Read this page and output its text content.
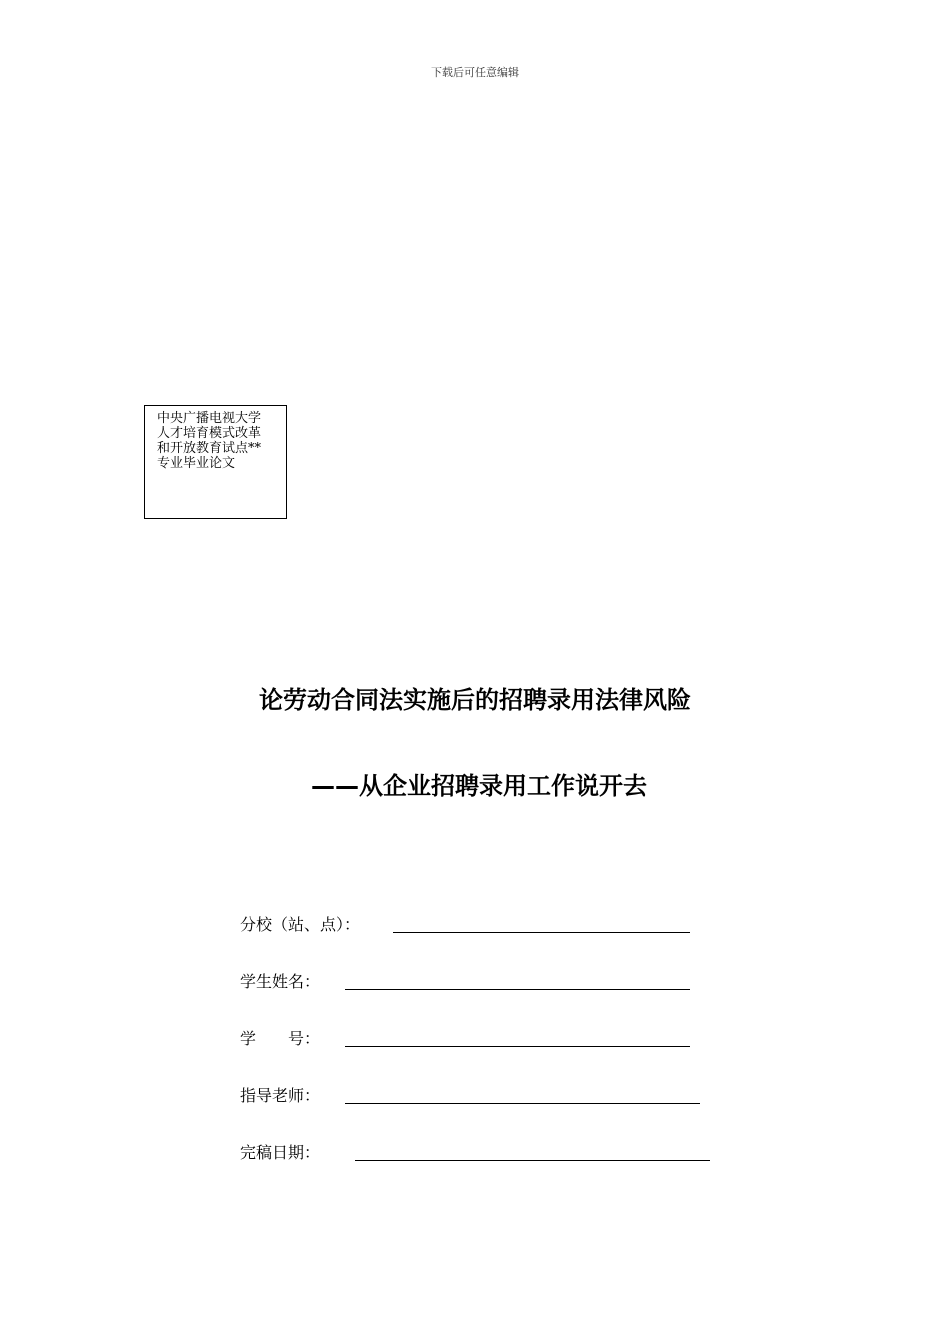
下载后可任意编辑
中央广播电视大学
人才培育模式改革
和开放教育试点**
专业毕业论文
论劳动合同法实施后的招聘录用法律风险
——从企业招聘录用工作说开去
分校（站、点）：
学生姓名：
学　　号：
指导老师：
完稿日期：
